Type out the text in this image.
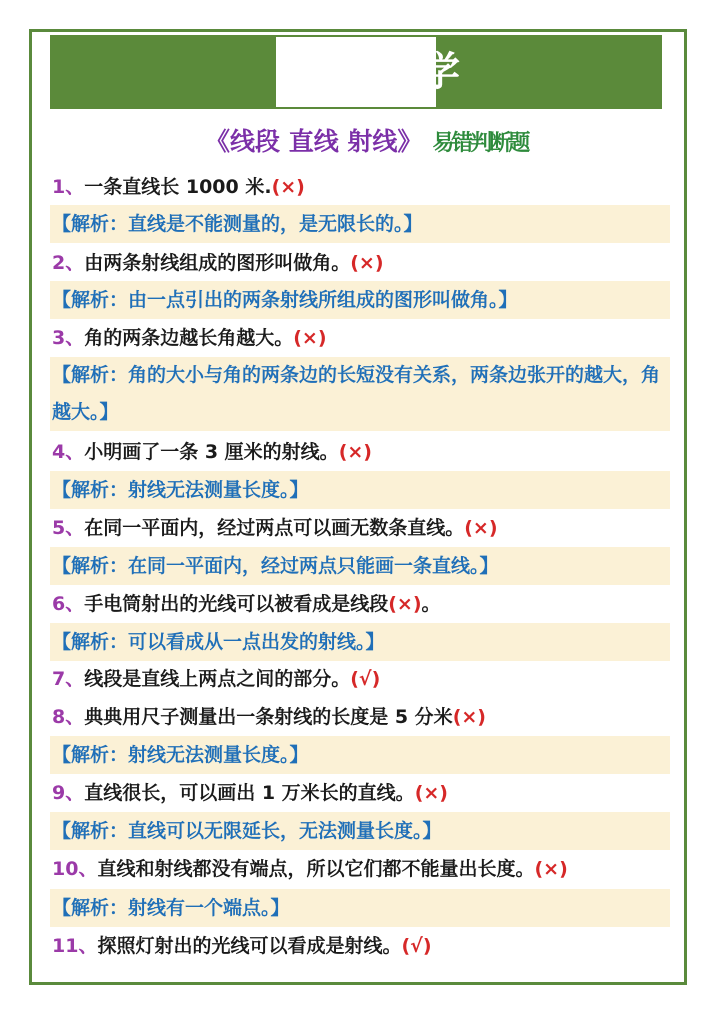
学
《线段 直线 射线》 易错判断题
1、一条直线长 1000 米.(×)
【解析：直线是不能测量的，是无限长的。】
2、由两条射线组成的图形叫做角。(×)
【解析：由一点引出的两条射线所组成的图形叫做角。】
3、角的两条边越长角越大。(×)
【解析：角的大小与角的两条边的长短没有关系，两条边张开的越大，角越大。】
4、小明画了一条 3 厘米的射线。(×)
【解析：射线无法测量长度。】
5、在同一平面内，经过两点可以画无数条直线。(×)
【解析：在同一平面内，经过两点只能画一条直线。】
6、手电筒射出的光线可以被看成是线段(×)。
【解析：可以看成从一点出发的射线。】
7、线段是直线上两点之间的部分。(√)
8、典典用尺子测量出一条射线的长度是 5 分米(×)
【解析：射线无法测量长度。】
9、直线很长，可以画出 1 万米长的直线。(×)
【解析：直线可以无限延长，无法测量长度。】
10、直线和射线都没有端点，所以它们都不能量出长度。(×)
【解析：射线有一个端点。】
11、探照灯射出的光线可以看成是射线。(√)
